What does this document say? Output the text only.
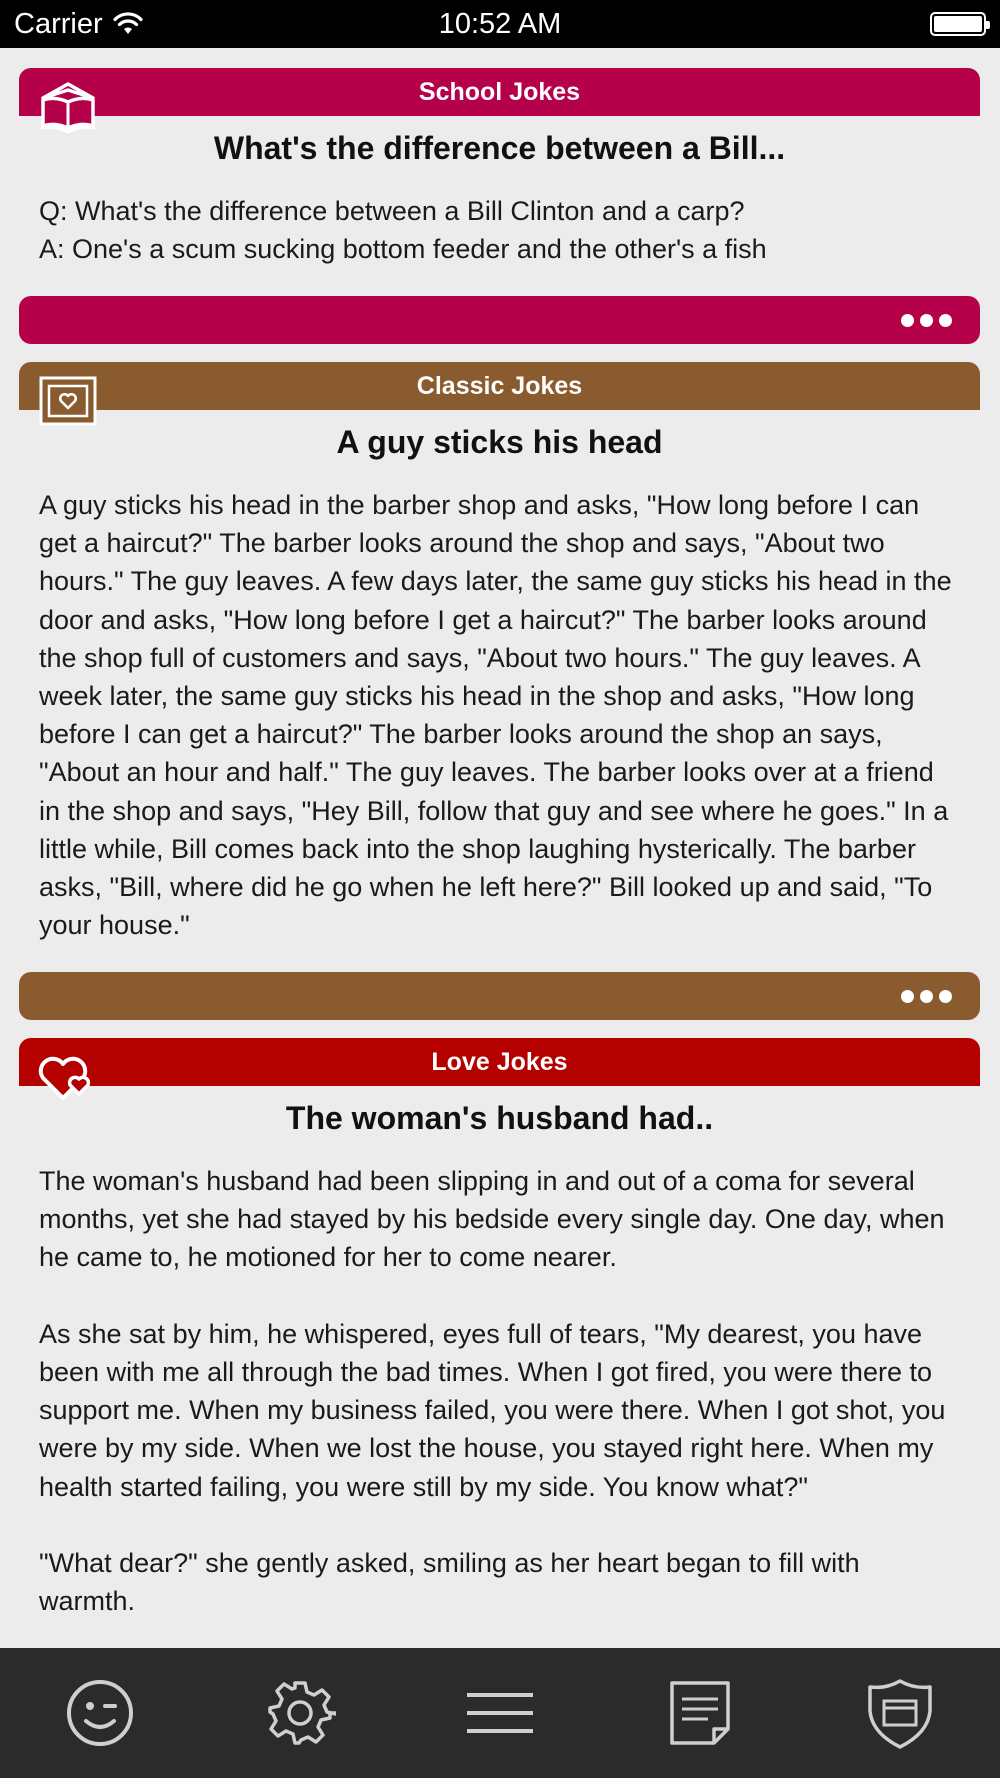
Carrier	10:52 AM
School Jokes
What's the difference between a Bill...
Q: What's the difference between a Bill Clinton and a carp?
A: One's a scum sucking bottom feeder and the other's a fish
Classic Jokes
A guy sticks his head
A guy sticks his head in the barber shop and asks, "How long before I can get a haircut?" The barber looks around the shop and says, "About two hours." The guy leaves. A few days later, the same guy sticks his head in the door and asks, "How long before I get a haircut?" The barber looks around the shop full of customers and says, "About two hours." The guy leaves. A week later, the same guy sticks his head in the shop and asks, "How long before I can get a haircut?" The barber looks around the shop an says, "About an hour and half." The guy leaves. The barber looks over at a friend in the shop and says, "Hey Bill, follow that guy and see where he goes." In a little while, Bill comes back into the shop laughing hysterically. The barber asks, "Bill, where did he go when he left here?" Bill looked up and said, "To your house."
Love Jokes
The woman's husband had..
The woman's husband had been slipping in and out of a coma for several months, yet she had stayed by his bedside every single day. One day, when he came to, he motioned for her to come nearer.

As she sat by him, he whispered, eyes full of tears, "My dearest, you have been with me all through the bad times. When I got fired, you were there to support me. When my business failed, you were there. When I got shot, you were by my side. When we lost the house, you stayed right here. When my health started failing, you were still by my side. You know what?"

"What dear?" she gently asked, smiling as her heart began to fill with warmth.
